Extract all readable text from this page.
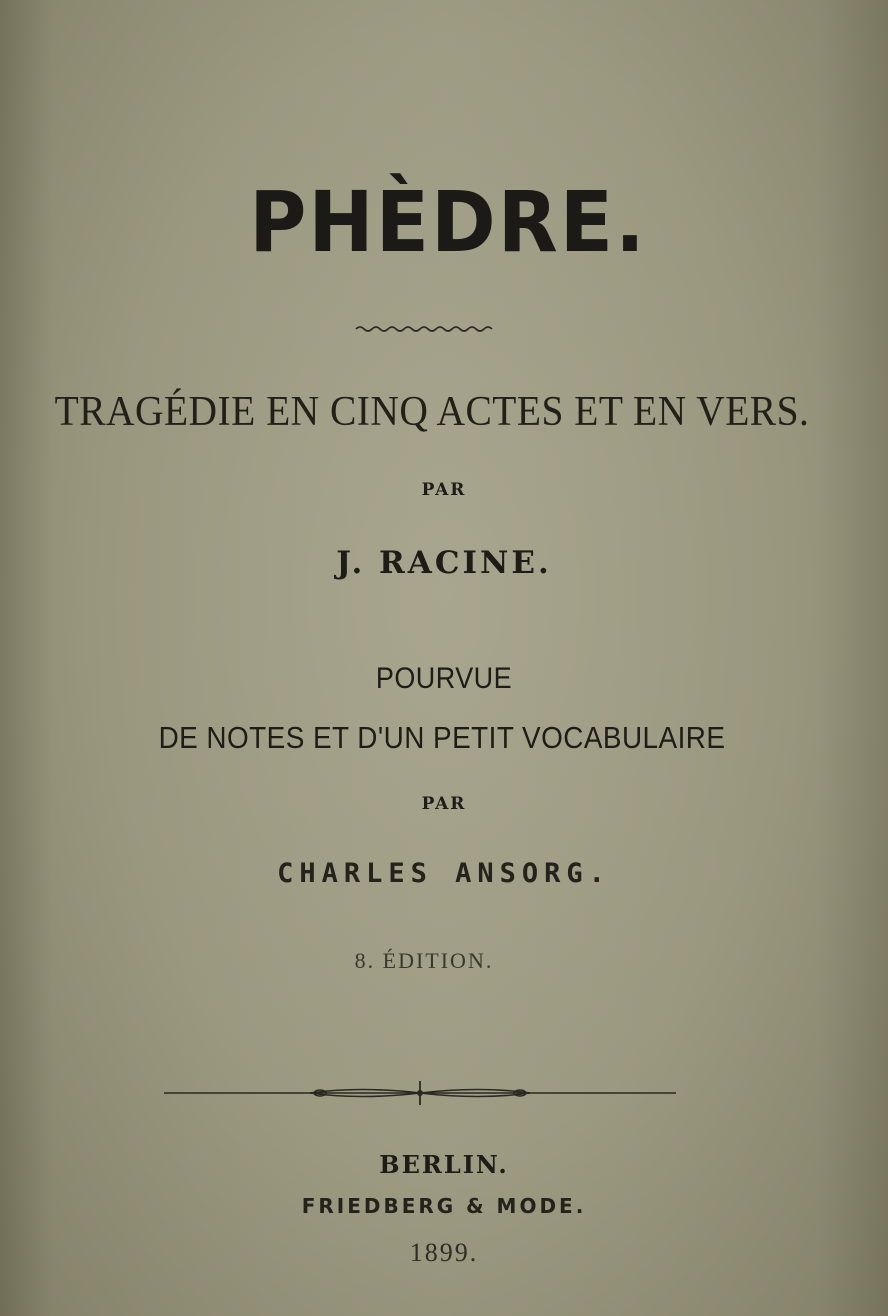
PHÈDRE.
TRAGÉDIE EN CINQ ACTES ET EN VERS.
PAR
J. RACINE.
POURVUE
DE NOTES ET D'UN PETIT VOCABULAIRE
PAR
CHARLES ANSORG.
8. ÉDITION.
BERLIN.
FRIEDBERG & MODE.
1899.
